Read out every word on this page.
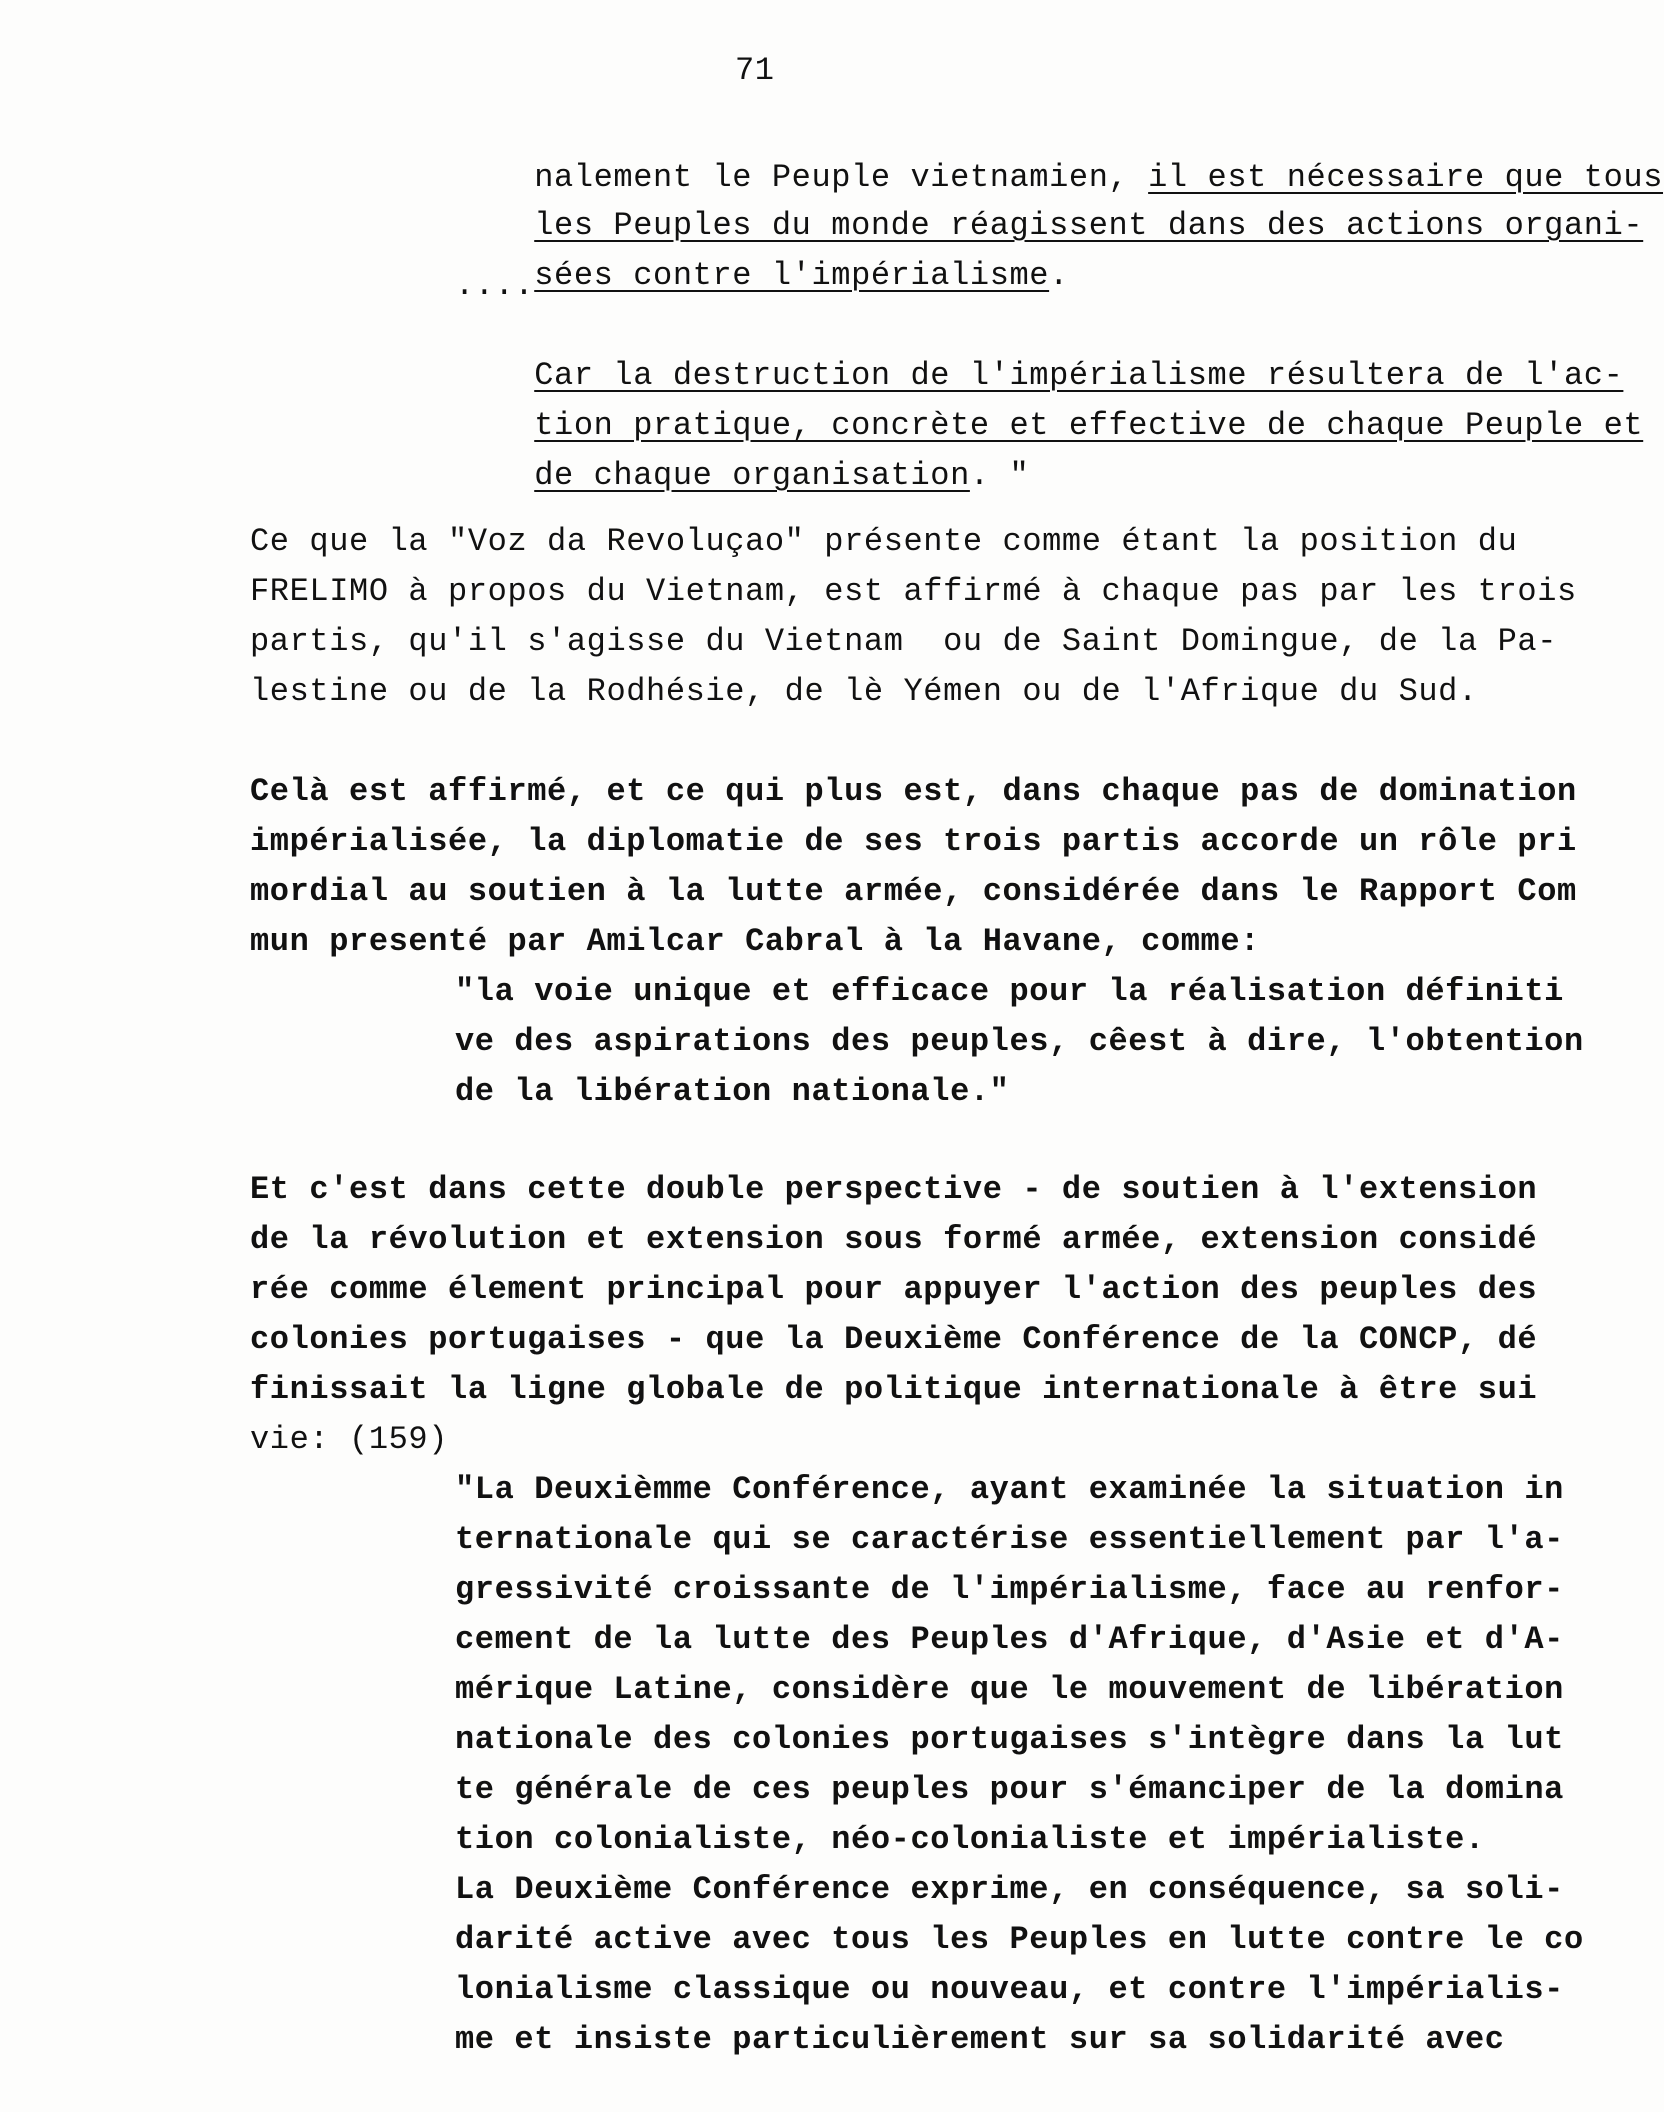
71

nalement le Peuple vietnamien, il est nécessaire que tous

les Peuples du monde réagissent dans des actions organi-

sées contre l'impérialisme.

....

Car la destruction de l'impérialisme résultera de l'ac-

tion pratique, concrète et effective de chaque Peuple et

de chaque organisation. "

Ce que la "Voz da Revoluçao" présente comme étant la position du
FRELIMO à propos du Vietnam, est affirmé à chaque pas par les trois
partis, qu'il s'agisse du Vietnam  ou de Saint Domingue, de la Pa-
lestine ou de la Rodhésie, de lè Yémen ou de l'Afrique du Sud.
Celà est affirmé, et ce qui plus est, dans chaque pas de domination
impérialisée, la diplomatie de ses trois partis accorde un rôle pri
mordial au soutien à la lutte armée, considérée dans le Rapport Com
mun presenté par Amilcar Cabral à la Havane, comme:
"la voie unique et efficace pour la réalisation définiti
ve des aspirations des peuples, cêest à dire, l'obtention
de la libération nationale."
Et c'est dans cette double perspective - de soutien à l'extension
de la révolution et extension sous formé armée, extension considé
rée comme élement principal pour appuyer l'action des peuples des
colonies portugaises - que la Deuxième Conférence de la CONCP, dé
finissait la ligne globale de politique internationale à être sui
vie: (159)
"La Deuxièmme Conférence, ayant examinée la situation in
ternationale qui se caractérise essentiellement par l'a-
gressivité croissante de l'impérialisme, face au renfor-
cement de la lutte des Peuples d'Afrique, d'Asie et d'A-
mérique Latine, considère que le mouvement de libération
nationale des colonies portugaises s'intègre dans la lut
te générale de ces peuples pour s'émanciper de la domina
tion colonialiste, néo-colonialiste et impérialiste.
La Deuxième Conférence exprime, en conséquence, sa soli-
darité active avec tous les Peuples en lutte contre le co
lonialisme classique ou nouveau, et contre l'impérialis-
me et insiste particulièrement sur sa solidarité avec
